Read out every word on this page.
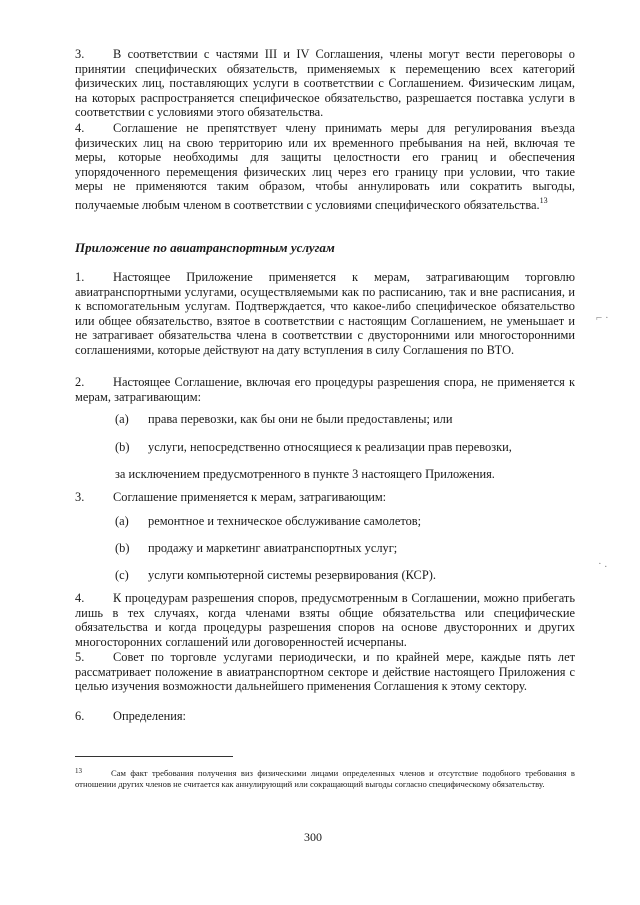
3. В соответствии с частями III и IV Соглашения, члены могут вести переговоры о принятии специфических обязательств, применяемых к перемещению всех категорий физических лиц, поставляющих услуги в соответствии с Соглашением. Физическим лицам, на которых распространяется специфическое обязательство, разрешается поставка услуги в соответствии с условиями этого обязательства.
4. Соглашение не препятствует члену принимать меры для регулирования въезда физических лиц на свою территорию или их временного пребывания на ней, включая те меры, которые необходимы для защиты целостности его границ и обеспечения упорядоченного перемещения физических лиц через его границу при условии, что такие меры не применяются таким образом, чтобы аннулировать или сократить выгоды, получаемые любым членом в соответствии с условиями специфического обязательства.$^{13}$
Приложение по авиатранспортным услугам
1. Настоящее Приложение применяется к мерам, затрагивающим торговлю авиатранспортными услугами, осуществляемыми как по расписанию, так и вне расписания, и к вспомогательным услугам. Подтверждается, что какое-либо специфическое обязательство или общее обязательство, взятое в соответствии с настоящим Соглашением, не уменьшает и не затрагивает обязательства члена в соответствии с двусторонними или многосторонними соглашениями, которые действуют на дату вступления в силу Соглашения по ВТО.
2. Настоящее Соглашение, включая его процедуры разрешения спора, не применяется к мерам, затрагивающим:
(a) права перевозки, как бы они не были предоставлены; или
(b) услуги, непосредственно относящиеся к реализации прав перевозки,
за исключением предусмотренного в пункте 3 настоящего Приложения.
3. Соглашение применяется к мерам, затрагивающим:
(a) ремонтное и техническое обслуживание самолетов;
(b) продажу и маркетинг авиатранспортных услуг;
(c) услуги компьютерной системы резервирования (КСР).
4. К процедурам разрешения споров, предусмотренным в Соглашении, можно прибегать лишь в тех случаях, когда членами взяты общие обязательства или специфические обязательства и когда процедуры разрешения споров на основе двусторонних и других многосторонних соглашений или договоренностей исчерпаны.
5. Совет по торговле услугами периодически, и по крайней мере, каждые пять лет рассматривает положение в авиатранспортном секторе и действие настоящего Приложения с целью изучения возможности дальнейшего применения Соглашения к этому сектору.
6. Определения:
13	Сам факт требования получения виз физическими лицами определенных членов и отсутствие подобного требования в отношении других членов не считается как аннулирующий или сокращающий выгоды согласно специфическому обязательству.
300
⌐ ·
· .
